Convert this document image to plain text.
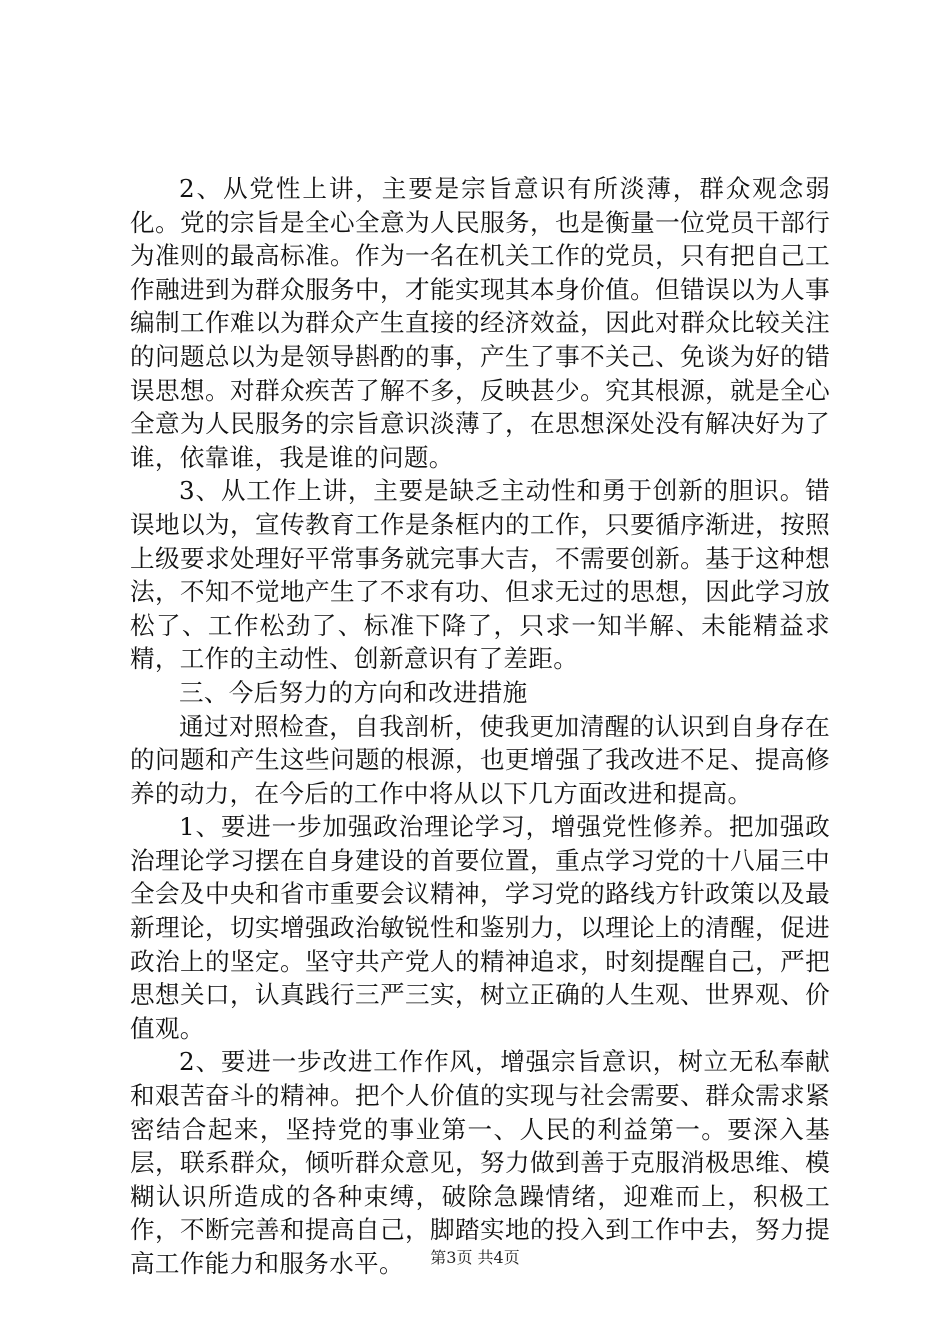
2、从党性上讲，主要是宗旨意识有所淡薄，群众观念弱化。党的宗旨是全心全意为人民服务，也是衡量一位党员干部行为准则的最高标准。作为一名在机关工作的党员，只有把自己工作融进到为群众服务中，才能实现其本身价值。但错误以为人事编制工作难以为群众产生直接的经济效益，因此对群众比较关注的问题总以为是领导斟酌的事，产生了事不关己、免谈为好的错误思想。对群众疾苦了解不多，反映甚少。究其根源，就是全心全意为人民服务的宗旨意识淡薄了，在思想深处没有解决好为了谁，依靠谁，我是谁的问题。

3、从工作上讲，主要是缺乏主动性和勇于创新的胆识。错误地以为，宣传教育工作是条框内的工作，只要循序渐进，按照上级要求处理好平常事务就完事大吉，不需要创新。基于这种想法，不知不觉地产生了不求有功、但求无过的思想，因此学习放松了、工作松劲了、标准下降了，只求一知半解、未能精益求精，工作的主动性、创新意识有了差距。

三、今后努力的方向和改进措施

通过对照检查，自我剖析，使我更加清醒的认识到自身存在的问题和产生这些问题的根源，也更增强了我改进不足、提高修养的动力，在今后的工作中将从以下几方面改进和提高。

1、要进一步加强政治理论学习，增强党性修养。把加强政治理论学习摆在自身建设的首要位置，重点学习党的十八届三中全会及中央和省市重要会议精神，学习党的路线方针政策以及最新理论，切实增强政治敏锐性和鉴别力，以理论上的清醒，促进政治上的坚定。坚守共产党人的精神追求，时刻提醒自己，严把思想关口，认真践行三严三实，树立正确的人生观、世界观、价值观。

2、要进一步改进工作作风，增强宗旨意识，树立无私奉献和艰苦奋斗的精神。把个人价值的实现与社会需要、群众需求紧密结合起来，坚持党的事业第一、人民的利益第一。要深入基层，联系群众，倾听群众意见，努力做到善于克服消极思维、模糊认识所造成的各种束缚，破除急躁情绪，迎难而上，积极工作，不断完善和提高自己，脚踏实地的投入到工作中去，努力提高工作能力和服务水平。	第3页 共4页
